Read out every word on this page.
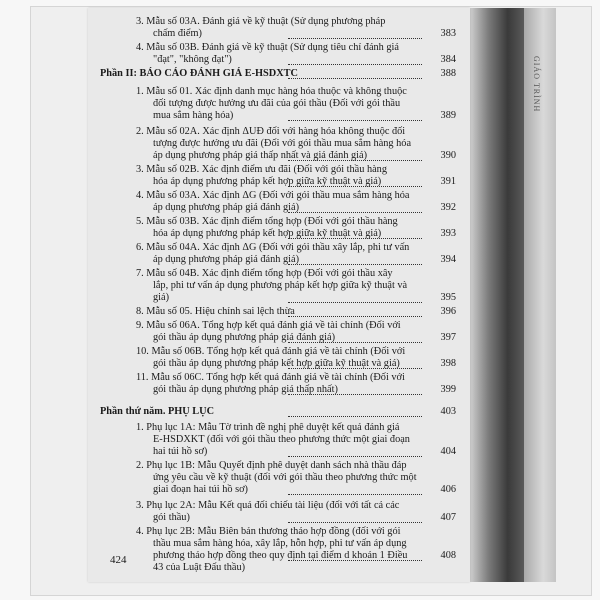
GIÁO TRÌNH
3. Mẫu số 03A. Đánh giá về kỹ thuật (Sử dụng phương pháp
chấm điểm)
4. Mẫu số 03B. Đánh giá về kỹ thuật (Sử dụng tiêu chí đánh giá
"đạt", "không đạt")
Phần II: BÁO CÁO ĐÁNH GIÁ E-HSDXTC
1. Mẫu số 01. Xác định danh mục hàng hóa thuộc và không thuộc
đối tượng được hưởng ưu đãi của gói thầu (Đối với gói thầu
mua sắm hàng hóa)
2. Mẫu số 02A. Xác định ΔUĐ đối với hàng hóa không thuộc đối
tượng được hưởng ưu đãi (Đối với gói thầu mua sắm hàng hóa
áp dụng phương pháp giá thấp nhất và giá đánh giá)
3. Mẫu số 02B. Xác định điểm ưu đãi (Đối với gói thầu hàng
hóa áp dụng phương pháp kết hợp giữa kỹ thuật và giá)
4. Mẫu số 03A. Xác định ΔG (Đối với gói thầu mua sắm hàng hóa
áp dụng phương pháp giá đánh giá)
5. Mẫu số 03B. Xác định điểm tổng hợp (Đối với gói thầu hàng
hóa áp dụng phương pháp kết hợp giữa kỹ thuật và giá)
6. Mẫu số 04A. Xác định ΔG (Đối với gói thầu xây lắp, phi tư vấn
áp dụng phương pháp giá đánh giá)
7. Mẫu số 04B. Xác định điểm tổng hợp (Đối với gói thầu xây
lắp, phi tư vấn áp dụng phương pháp kết hợp giữa kỹ thuật và
giá)
8. Mẫu số 05. Hiệu chỉnh sai lệch thừa
9. Mẫu số 06A. Tổng hợp kết quả đánh giá về tài chính (Đối với
gói thầu áp dụng phương pháp giá đánh giá)
10. Mẫu số 06B. Tổng hợp kết quả đánh giá về tài chính (Đối với
gói thầu áp dụng phương pháp kết hợp giữa kỹ thuật và giá)
11. Mẫu số 06C. Tổng hợp kết quả đánh giá về tài chính (Đối với
gói thầu áp dụng phương pháp giá thấp nhất)
Phần thứ năm. PHỤ LỤC
1. Phụ lục 1A: Mẫu Tờ trình đề nghị phê duyệt kết quả đánh giá
E-HSDXKT (đối với gói thầu theo phương thức một giai đoạn
hai túi hồ sơ)
2. Phụ lục 1B: Mẫu Quyết định phê duyệt danh sách nhà thầu đáp
ứng yêu cầu về kỹ thuật (đối với gói thầu theo phương thức một
giai đoạn hai túi hồ sơ)
3. Phụ lục 2A: Mẫu Kết quả đối chiếu tài liệu (đối với tất cả các
gói thầu)
4. Phụ lục 2B: Mẫu Biên bản thương thảo hợp đồng (đối với gói
thầu mua sắm hàng hóa, xây lắp, hỗn hợp, phi tư vấn áp dụng
phương thảo hợp đồng theo quy định tại điểm d khoản 1 Điều
43 của Luật Đấu thầu)
383
384
388
389
390
391
392
393
394
395
396
397
398
399
403
404
406
407
408
424
